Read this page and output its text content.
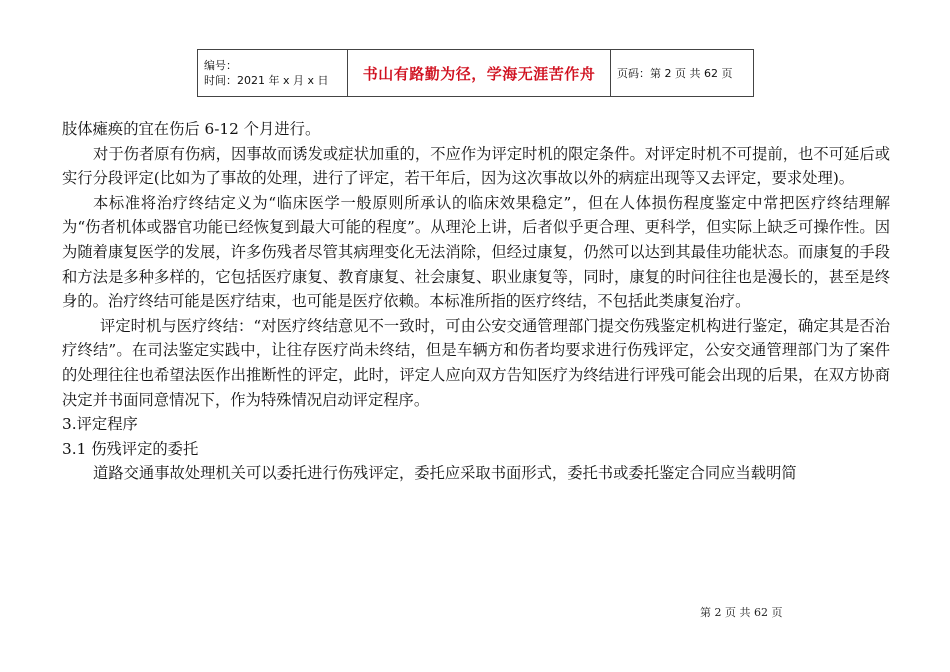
编号：
时间：2021 年 x 月 x 日	书山有路勤为径，学海无涯苦作舟	页码：第 2 页 共 62 页

肢体瘫痪的宜在伤后 6-12 个月进行。

对于伤者原有伤病，因事故而诱发或症状加重的，不应作为评定时机的限定条件。对评定时机不可提前，也不可延后或实行分段评定(比如为了事故的处理，进行了评定，若干年后，因为这次事故以外的病症出现等又去评定，要求处理)。

本标准将治疗终结定义为“临床医学一般原则所承认的临床效果稳定”，但在人体损伤程度鉴定中常把医疗终结理解为“伤者机体或器官功能已经恢复到最大可能的程度”。从理沦上讲，后者似乎更合理、更科学，但实际上缺乏可操作性。因为随着康复医学的发展，许多伤残者尽管其病理变化无法消除，但经过康复，仍然可以达到其最佳功能状态。而康复的手段和方法是多种多样的，它包括医疗康复、教育康复、社会康复、职业康复等，同时，康复的时问往往也是漫长的，甚至是终身的。治疗终结可能是医疗结束，也可能是医疗依赖。本标准所指的医疗终结，不包括此类康复治疗。

评定时机与医疗终结：“对医疗终结意见不一致时，可由公安交通管理部门提交伤残鉴定机构进行鉴定，确定其是否治疗终结”。在司法鉴定实践中，让往存医疗尚未终结，但是车辆方和伤者均要求进行伤残评定，公安交通管理部门为了案件的处理往往也希望法医作出推断性的评定，此时，评定人应向双方告知医疗为终结进行评残可能会出现的后果，在双方协商决定并书面同意情况下，作为特殊情况启动评定程序。

3.评定程序

3.1 伤残评定的委托

道路交通事故处理机关可以委托进行伤残评定，委托应采取书面形式，委托书或委托鉴定合同应当载明简

第 2 页 共 62 页
